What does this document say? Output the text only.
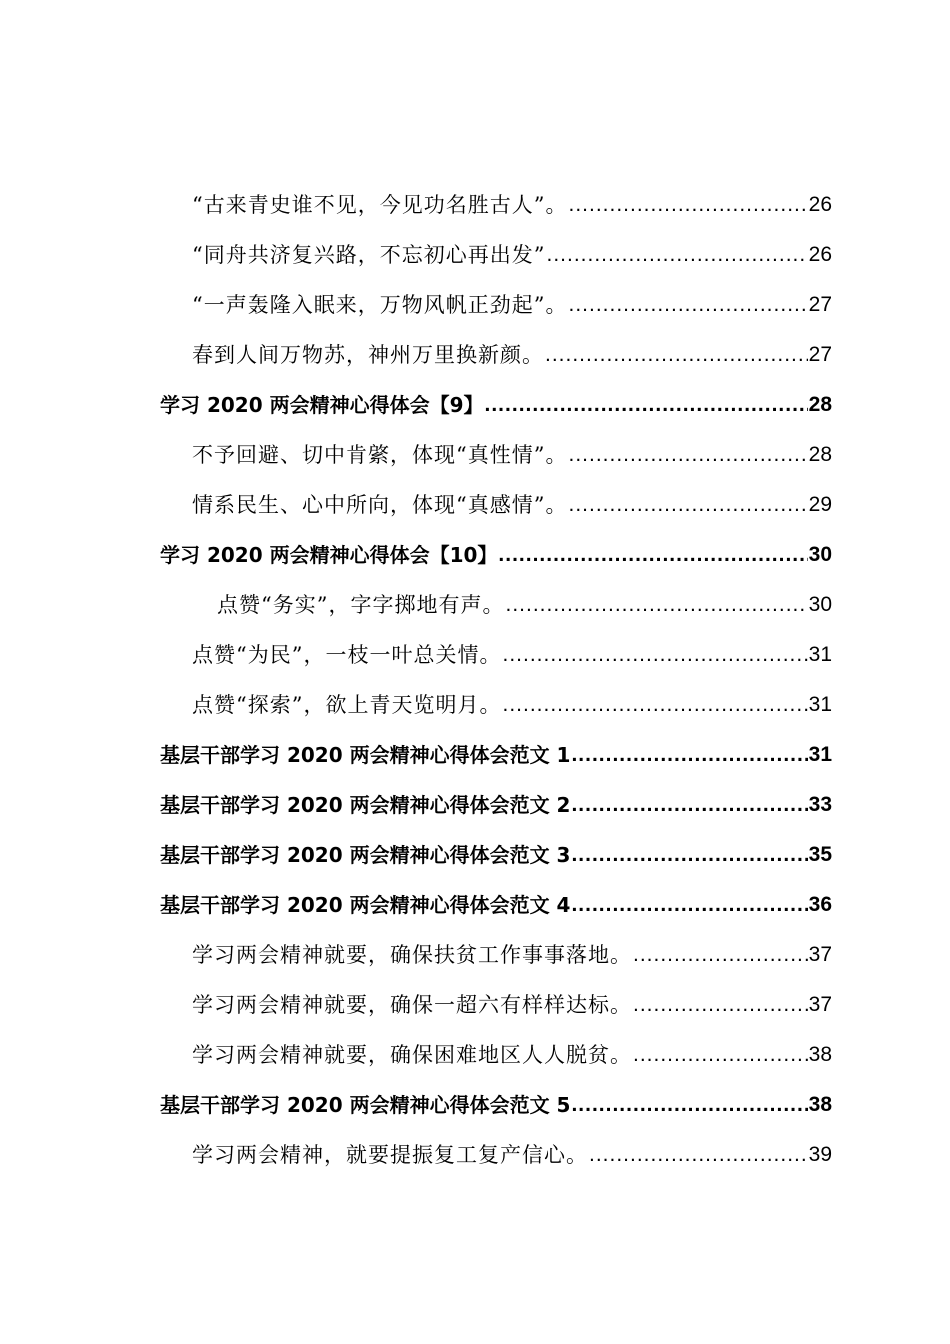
“古来青史谁不见，今见功名胜古人”。 .....	26
“同舟共济复兴路，不忘初心再出发” .....	26
“一声轰隆入眠来，万物风帆正劲起”。 .....	27
春到人间万物苏，神州万里换新颜。 .....	27
学习 2020 两会精神心得体会【9】 .....	28
不予回避、切中肯綮，体现“真性情”。 .....	28
情系民生、心中所向，体现“真感情”。 .....	29
学习 2020 两会精神心得体会【10】 .....	30
点赞“务实”，字字掷地有声。 .....	30
点赞“为民”，一枝一叶总关情。 .....	31
点赞“探索”，欲上青天览明月。 .....	31
基层干部学习 2020 两会精神心得体会范文 1 .....	31
基层干部学习 2020 两会精神心得体会范文 2 .....	33
基层干部学习 2020 两会精神心得体会范文 3 .....	35
基层干部学习 2020 两会精神心得体会范文 4 .....	36
学习两会精神就要，确保扶贫工作事事落地。 .....	37
学习两会精神就要，确保一超六有样样达标。 .....	37
学习两会精神就要，确保困难地区人人脱贫。 .....	38
基层干部学习 2020 两会精神心得体会范文 5 .....	38
学习两会精神，就要提振复工复产信心。 .....	39
